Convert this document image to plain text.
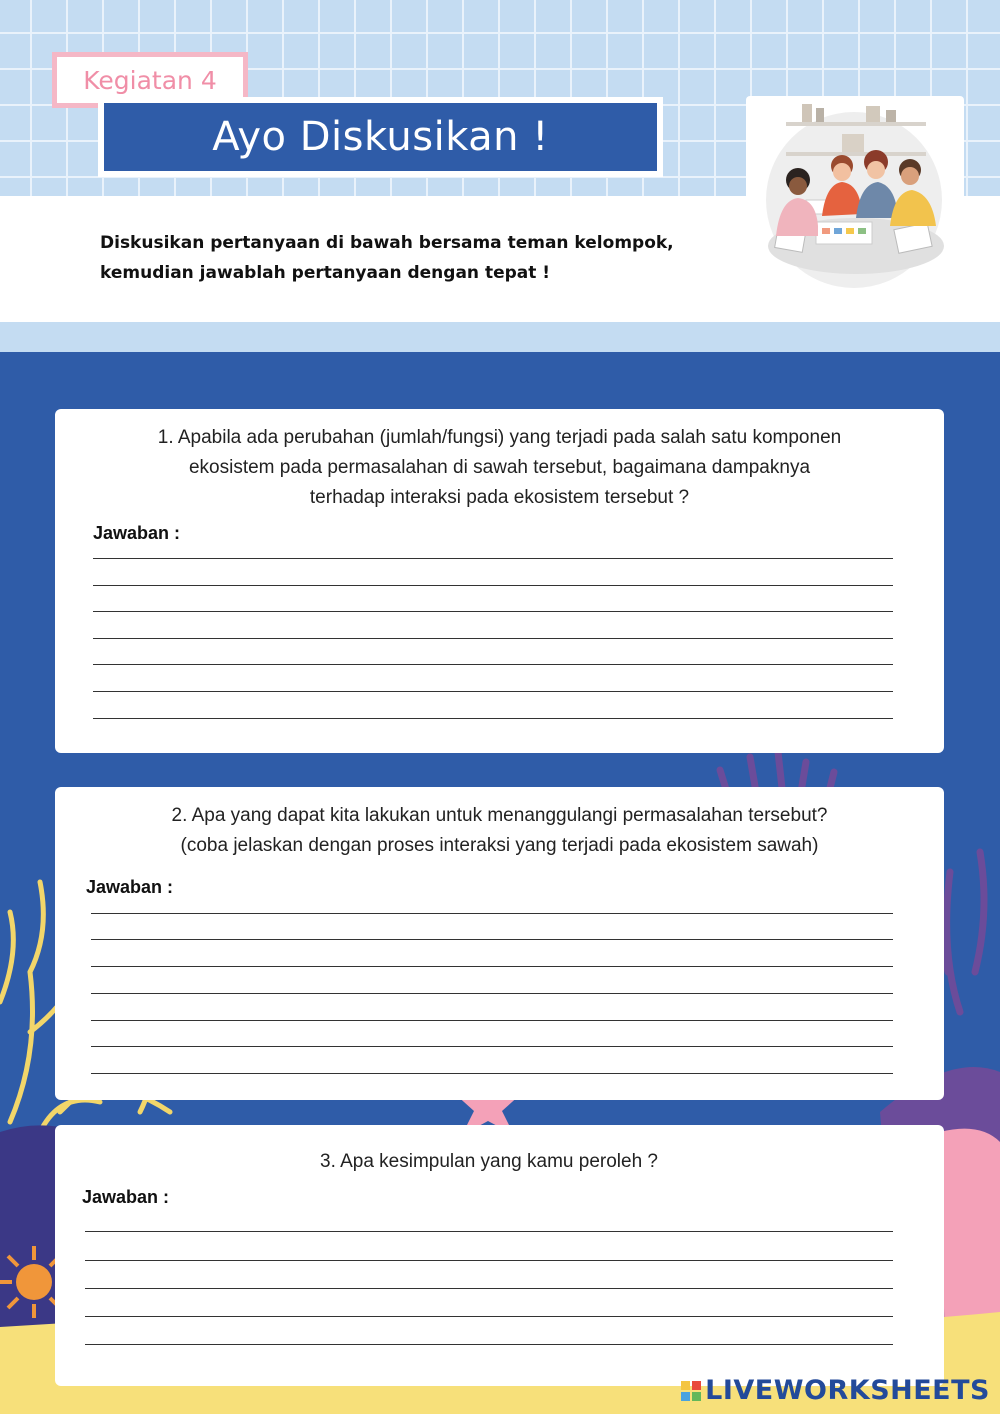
Kegiatan 4
Ayo Diskusikan !
Diskusikan pertanyaan di bawah bersama teman kelompok,
kemudian jawablah pertanyaan dengan tepat !
1. Apabila ada perubahan (jumlah/fungsi) yang terjadi pada salah satu komponen
ekosistem pada permasalahan di sawah tersebut, bagaimana dampaknya
terhadap interaksi pada ekosistem tersebut ?
Jawaban :
2. Apa yang dapat kita lakukan untuk menanggulangi permasalahan tersebut?
(coba jelaskan dengan proses interaksi yang terjadi pada ekosistem sawah)
Jawaban :
3. Apa kesimpulan yang kamu peroleh ?
Jawaban :
LIVEWORKSHEETS
